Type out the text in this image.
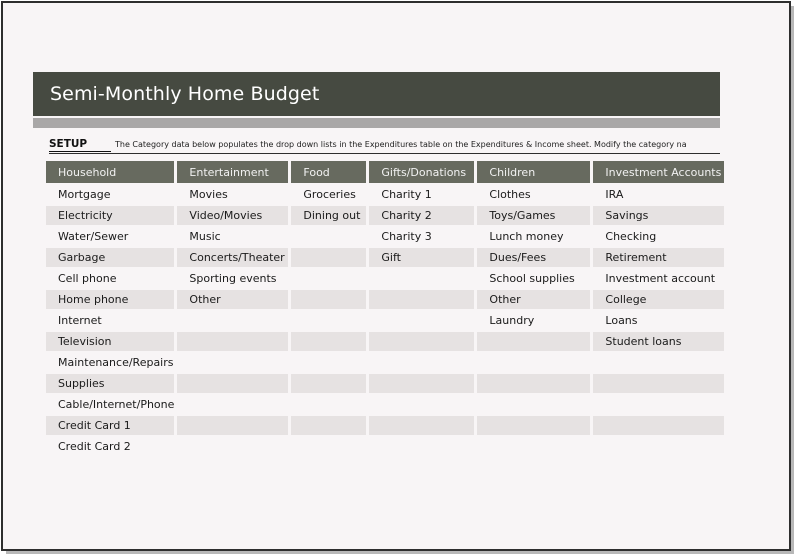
Semi-Monthly Home Budget
SETUP	The Category data below populates the drop down lists in the Expenditures table on the Expenditures & Income sheet. Modify the category na
Household	Entertainment	Food	Gifts/Donations	Children	Investment Accounts
Mortgage	Movies	Groceries	Charity 1	Clothes	IRA
Electricity	Video/Movies	Dining out	Charity 2	Toys/Games	Savings
Water/Sewer	Music		Charity 3	Lunch money	Checking
Garbage	Concerts/Theater		Gift	Dues/Fees	Retirement
Cell phone	Sporting events			School supplies	Investment account
Home phone	Other			Other	College
Internet				Laundry	Loans
Television					Student loans
Maintenance/Repairs					
Supplies					
Cable/Internet/Phone					
Credit Card 1					
Credit Card 2					
